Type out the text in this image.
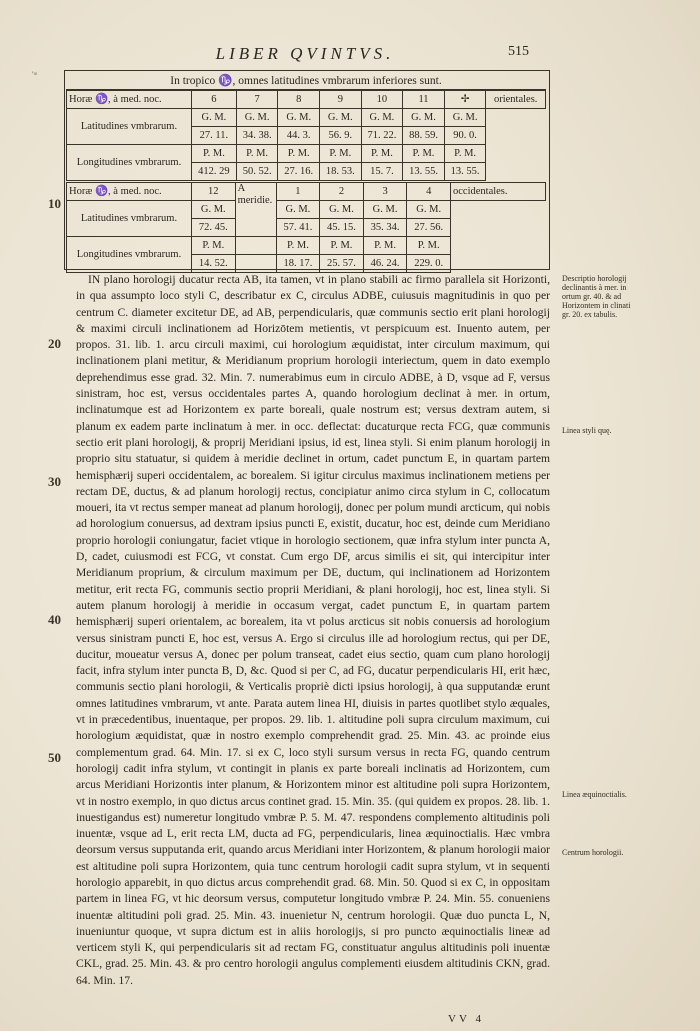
'ᵐ
LIBER QVINTVS.	515
In tropico ♑, omnes latitudines vmbrarum inferiores sunt.
Horæ ♑, à med. noc.	6	7	8	9	10	11	✢	orientales.
Latitudines vmbrarum.	G. M.	G. M.	G. M.	G. M.	G. M.	G. M.	G. M.	
	27. 11.	34. 38.	44. 3.	56. 9.	71. 22.	88. 59.	90. 0.	
Longitudines vmbrarum.	P. M.	P. M.	P. M.	P. M.	P. M.	P. M.	P. M.	
	412. 29	50. 52.	27. 16.	18. 53.	15. 7.	13. 55.	13. 55.	
Horæ ♑, à med. noc.	12	A meridie.	1	2	3	4	occidentales.
Latitudines vmbrarum.	G. M.		G. M.	G. M.	G. M.	G. M.	
	72. 45.		57. 41.	45. 15.	35. 34.	27. 56.	
Longitudines vmbrarum.	P. M.		P. M.	P. M.	P. M.	P. M.	
	14. 52.		18. 17.	25. 57.	46. 24.	229. 0.	
10
20
30
40
50

IN plano horologij ducatur recta AB, ita tamen, vt in plano stabili ac firmo parallela sit Horizonti, in qua assumpto loco styli C, describatur ex C, circulus ADBE, cuiusuis magnitudinis in quo per centrum C. diameter excitetur DE, ad AB, perpendicularis, quæ communis sectio erit plani horologij & maximi circuli inclinationem ad Horizōtem metientis, vt perspicuum est. Inuento autem, per propos. 31. lib. 1. arcu circuli maximi, cui horologium æquidistat, inter circulum maximum, qui inclinationem plani metitur, & Meridianum proprium horologii interiectum, quem in dato exemplo deprehendimus esse grad. 32. Min. 7. numerabimus eum in circulo ADBE, à D, vsque ad F, versus sinistram, hoc est, versus occidentales partes A, quando horologium declinat à mer. in ortum, inclinatumque est ad Horizontem ex parte boreali, quale nostrum est; versus dextram autem, si planum ex eadem parte inclinatum à mer. in occ. deflectat: ducaturque recta FCG, quæ communis sectio erit plani horologij, & proprij Meridiani ipsius, id est, linea styli. Si enim planum horologij in proprio situ statuatur, si quidem à meridie declinet in ortum, cadet punctum E, in quartam partem hemisphærij superi occidentalem, ac borealem. Si igitur circulus maximus inclinationem metiens per rectam DE, ductus, & ad planum horologij rectus, concipiatur animo circa stylum in C, collocatum moueri, ita vt rectus semper maneat ad planum horologij, donec per polum mundi arcticum, qui nobis ad horologium conuersus, ad dextram ipsius puncti E, existit, ducatur, hoc est, deinde cum Meridiano proprio horologii coniungatur, faciet vtique in horologio sectionem, quæ infra stylum inter puncta A, D, cadet, cuiusmodi est FCG, vt constat. Cum ergo DF, arcus similis ei sit, qui intercipitur inter Meridianum proprium, & circulum maximum per DE, ductum, qui inclinationem ad Horizontem metitur, erit recta FG, communis sectio proprii Meridiani, & plani horologij, hoc est, linea styli. Si autem planum horologij à meridie in occasum vergat, cadet punctum E, in quartam partem hemisphærij superi orientalem, ac borealem, ita vt polus arcticus sit nobis conuersis ad horologium versus sinistram puncti E, hoc est, versus A. Ergo si circulus ille ad horologium rectus, qui per DE, ducitur, moueatur versus A, donec per polum transeat, cadet eius sectio, quam cum plano horologij facit, infra stylum inter puncta B, D, &c. Quod si per C, ad FG, ducatur perpendicularis HI, erit hæc, communis sectio plani horologii, & Verticalis propriè dicti ipsius horologij, à qua supputandæ erunt omnes latitudines vmbrarum, vt ante. Parata autem linea HI, diuisis in partes quotlibet stylo æquales, vt in præcedentibus, inuentaque, per propos. 29. lib. 1. altitudine poli supra circulum maximum, cui horologium æquidistat, quæ in nostro exemplo comprehendit grad. 25. Min. 43. ac proinde eius complementum grad. 64. Min. 17. si ex C, loco styli sursum versus in recta FG, quando centrum horologij cadit infra stylum, vt contingit in planis ex parte boreali inclinatis ad Horizontem, cum arcus Meridiani Horizontis inter planum, & Horizontem minor est altitudine poli supra Horizontem, vt in nostro exemplo, in quo dictus arcus continet grad. 15. Min. 35. (qui quidem ex propos. 28. lib. 1. inuestigandus est) numeretur longitudo vmbræ P. 5. M. 47. respondens complemento altitudinis poli inuentæ, vsque ad L, erit recta LM, ducta ad FG, perpendicularis, linea æquinoctialis. Hæc vmbra deorsum versus supputanda erit, quando arcus Meridiani inter Horizontem, & planum horologii maior est altitudine poli supra Horizontem, quia tunc centrum horologii cadit supra stylum, vt in sequenti horologio apparebit, in quo dictus arcus comprehendit grad. 68. Min. 50. Quod si ex C, in oppositam partem in linea FG, vt hic deorsum versus, computetur longitudo vmbræ P. 24. Min. 55. conueniens inuentæ altitudini poli grad. 25. Min. 43. inuenietur N, centrum horologii. Quæ duo puncta L, N, inueniuntur quoque, vt supra dictum est in aliis horologijs, si pro puncto æquinoctialis lineæ ad verticem styli K, qui perpendicularis sit ad rectam FG, constituatur angulus altitudinis poli inuentæ CKL, grad. 25. Min. 43. & pro centro horologii angulus complementi eiusdem altitudinis CKN, grad. 64. Min. 17.

Descriptio horologij declinantis à mer. in ortum gr. 40. & ad Horizontem in clinati gr. 20. ex tabulis.
Linea styli quę.
Linea æquinoctialis.
Centrum horologii.
VV 4
